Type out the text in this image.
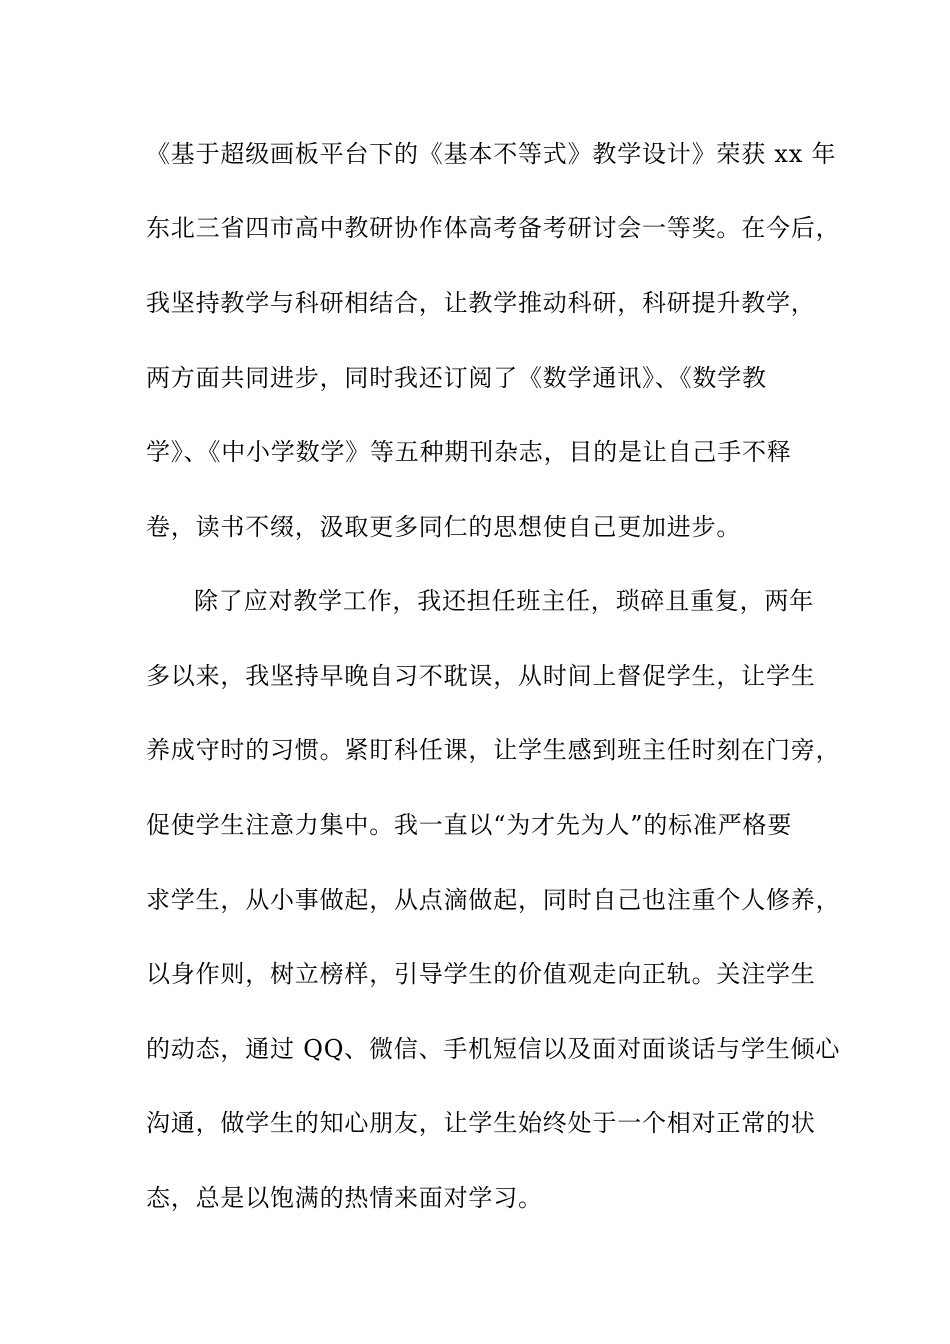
《基于超级画板平台下的《基本不等式》教学设计》荣获 xx 年
东北三省四市高中教研协作体高考备考研讨会一等奖。在今后，
我坚持教学与科研相结合，让教学推动科研，科研提升教学，
两方面共同进步，同时我还订阅了《数学通讯》、《数学教
学》、《中小学数学》等五种期刊杂志，目的是让自己手不释
卷，读书不缀，汲取更多同仁的思想使自己更加进步。
除了应对教学工作，我还担任班主任，琐碎且重复，两年
多以来，我坚持早晚自习不耽误，从时间上督促学生，让学生
养成守时的习惯。紧盯科任课，让学生感到班主任时刻在门旁，
促使学生注意力集中。我一直以“为才先为人”的标准严格要
求学生，从小事做起，从点滴做起，同时自己也注重个人修养，
以身作则，树立榜样，引导学生的价值观走向正轨。关注学生
的动态，通过 QQ、微信、手机短信以及面对面谈话与学生倾心
沟通，做学生的知心朋友，让学生始终处于一个相对正常的状
态，总是以饱满的热情来面对学习。
